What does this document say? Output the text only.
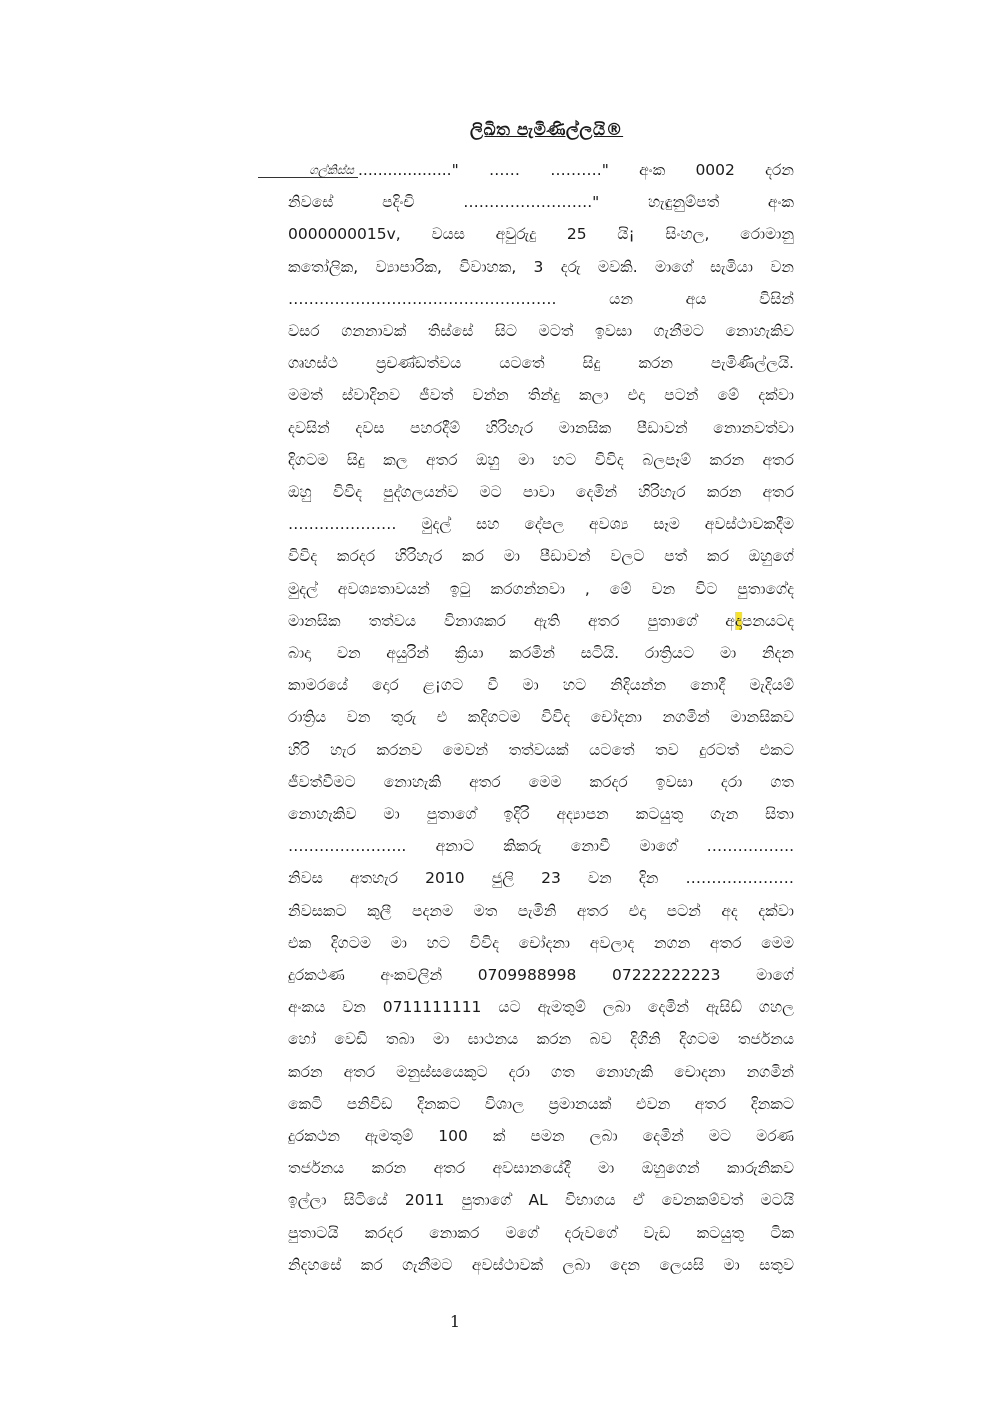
ලිඛිත පැමිණිල්ලයි®
ගල්කිස්ස ..................." …… ………." අංක 0002 දරන
නිවසේ පදිංචි ……………………." හැඳුනුම්පත් අංක
0000000015v, වයස අවුරුදු 25 යි¡ සිංහල, රොමානු
කතෝලික, ව්‍යාපාරික, විවාහක, 3 දරු මවකි. මාගේ සැමියා වන
……………………………………………. යන අය විසින්
වසර ගනනාවක් තිස්සේ සිට මටත් ඉවසා ගැනීමට නොහැකිව
ගෘහස්ථ ප්‍රචණ්ඩත්වය යටතේ සිදු කරන පැමිණිල්ලයි.
මමත් ස්වාදිනව ජීවත් වන්න තින්දු කලා එදා පටන් මේ දක්වා
දවසින් දවස පහරදීම් හිරිහැර මානසික පීඩාවන් නොනවත්වා
දිගටම සිදු කල අතර ඔහු මා හට විවිද බලපෑම් කරන අතර
ඔහු විවිද පුද්ගලයන්ව මට පාවා දෙමින් හිරිහැර කරන අතර
………………… මුදල් සහ දේපල අවශ්‍ය සෑම අවස්ථාවකදීම
විවිද කරදර හිරිහැර කර මා පීඩාවන් වලට පත් කර ඔහුගේ
මුදල් අවශ්‍යතාවයන් ඉටු කරගන්නවා , මේ වන විට පුතාගේද
මානසික තත්වය විනාශකර ඇති අතර පුතාගේ අදාපනයටද
බාදා වන අයුරින් ක්‍රියා කරමින් සටියි. රාත්‍රියට මා නිදන
කාමරයේ දොර ළ¡ගට වී මා හට නිදියන්න නොදී මැදියම්
රාත්‍රිය වන තුරු එ කදිගටම විවිද චෝදනා නගමින් මානසිකව
හිරි හැර කරනව මෙවන් තත්වයක් යටතේ තව දුරටත් එකට
ජීවත්වීමට නොහැකි අතර මෙම කරදර ඉවසා දරා ගත
නොහැකිව මා පුතාගේ ඉදිරි අද්‍යාපන කටයුතු ගැන සිතා
………………….. අනාට කිකරු නොවී මාගේ ……………..
නිවස අතහැර 2010 ජුලි 23 වන දින …………………
නිවසකට කුලී පදනම මත පැමිනි අතර එදා පටන් අද දක්වා
එක දිගටම මා හට විවිද චෝදනා අවලාද නගන අතර මෙම
දුරකථණ අංකවලින් 0709988998 07222222223 මාගේ
අංකය වන 0711111111 යට ඇමතුම් ලබා දෙමින් ඇසිඩ් ගහල
හෝ වෙඩි තබා මා ඝාථනය කරන බව දිගිනි දිගටම තර්ජනය
කරන අතර මනුස්සයෙකුට දරා ගත නොහැකි චොදනා නගමින්
කෙටි පනිවිඩ දිනකට විශාල ප්‍රමානයක් එවන අතර දිනකට
දුරකථන ඇමතුම් 100 ක් පමන ලබා දෙමින් මට මරණ
තර්ජනය කරන අතර අවසානයේදී මා ඔහුගෙන් කාරුනිකව
ඉල්ලා සිටියේ 2011 පුතාගේ AL විභාගය ඒ වෙනකම්වත් මටයි
පුතාටයි කරදර නොකර මගේ දරුවගේ වැඩ කටයුතු ටික
නිදහසේ කර ගැනීමට අවස්ථාවක් ලබා දෙන ලෙයසි මා සතුව
1
